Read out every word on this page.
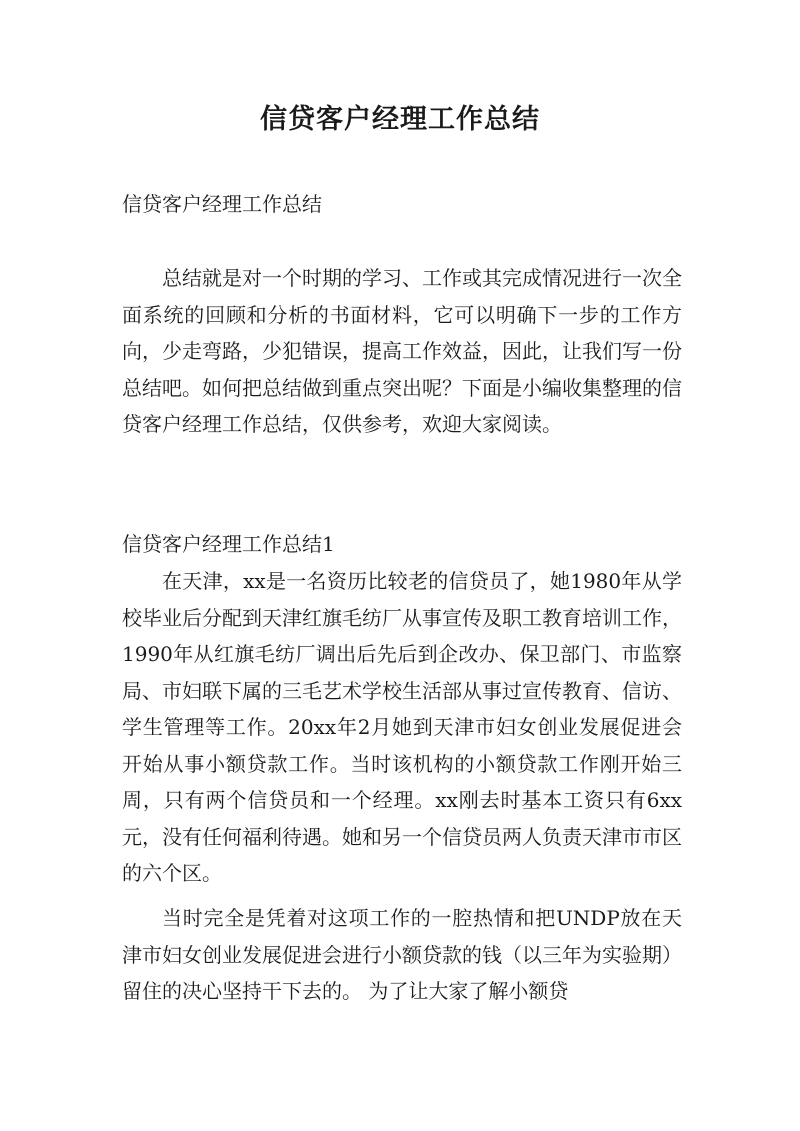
信贷客户经理工作总结

信贷客户经理工作总结

总结就是对一个时期的学习、工作或其完成情况进行一次全面系统的回顾和分析的书面材料，它可以明确下一步的工作方向，少走弯路，少犯错误，提高工作效益，因此，让我们写一份总结吧。如何把总结做到重点突出呢？下面是小编收集整理的信贷客户经理工作总结，仅供参考，欢迎大家阅读。

信贷客户经理工作总结1

在天津，xx是一名资历比较老的信贷员了，她1980年从学校毕业后分配到天津红旗毛纺厂从事宣传及职工教育培训工作，1990年从红旗毛纺厂调出后先后到企改办、保卫部门、市监察局、市妇联下属的三毛艺术学校生活部从事过宣传教育、信访、学生管理等工作。20xx年2月她到天津市妇女创业发展促进会开始从事小额贷款工作。当时该机构的小额贷款工作刚开始三周，只有两个信贷员和一个经理。xx刚去时基本工资只有6xx元，没有任何福利待遇。她和另一个信贷员两人负责天津市市区的六个区。

当时完全是凭着对这项工作的一腔热情和把UNDP放在天津市妇女创业发展促进会进行小额贷款的钱（以三年为实验期）留住的决心坚持干下去的。 为了让大家了解小额贷
